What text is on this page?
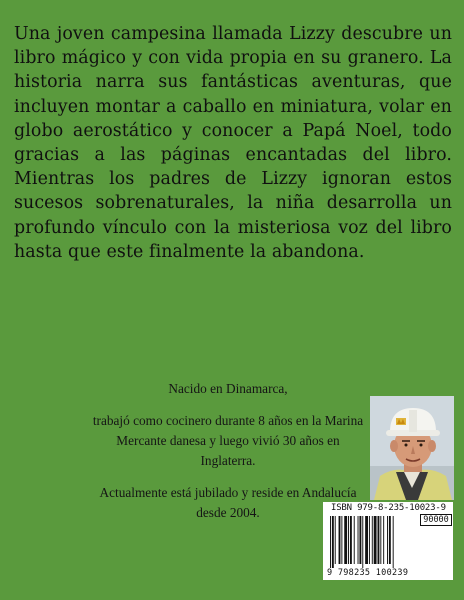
Una joven campesina llamada Lizzy descubre un libro mágico y con vida propia en su granero. La historia narra sus fantásticas aventuras, que incluyen montar a caballo en miniatura, volar en globo aerostático y conocer a Papá Noel, todo gracias a las páginas encantadas del libro. Mientras los padres de Lizzy ignoran estos sucesos sobrenaturales, la niña desarrolla un profundo vínculo con la misteriosa voz del libro hasta que este finalmente la abandona.

Nacido en Dinamarca,

trabajó como cocinero durante 8 años en la Marina Mercante danesa y luego vivió 30 años en Inglaterra.

Actualmente está jubilado y reside en Andalucía desde 2004.	ISBN 979-8-235-10023-9
90000
9 798235 100239
